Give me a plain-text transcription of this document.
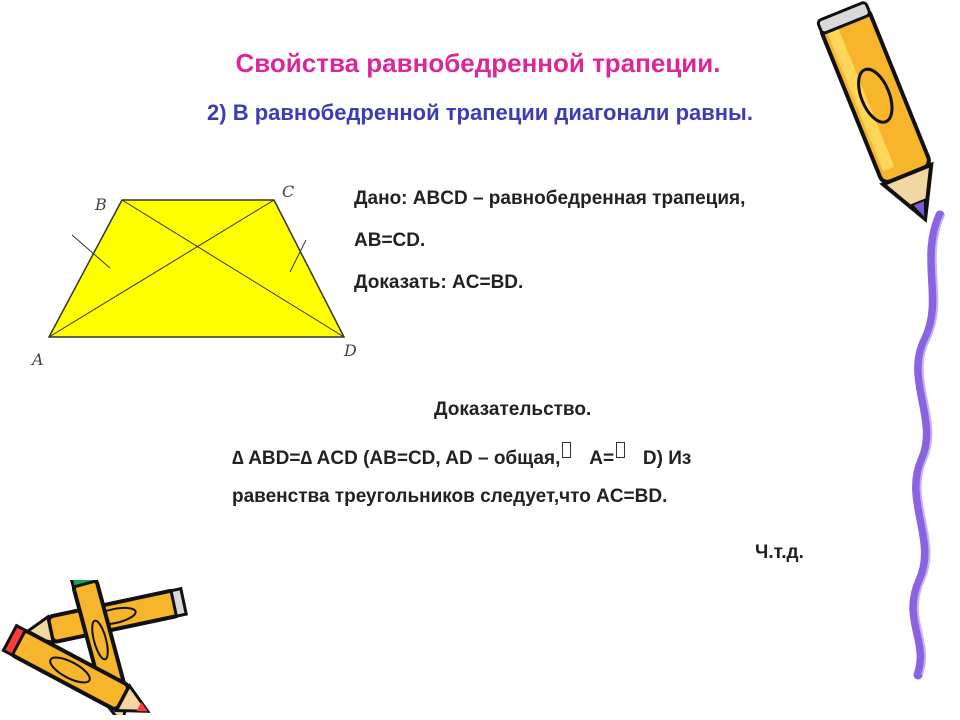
Свойства равнобедренной трапеции.
2) В равнобедренной трапеции диагонали равны.
B
C
A	D
Дано: ABCD – равнобедренная трапеция,
AB=CD.
Доказать: AC=BD.
Доказательство.
∆ ABD=∆ ACD (AB=CD, AD – общая, A= D) Из
равенства треугольников следует,что AC=BD.
Ч.т.д.
